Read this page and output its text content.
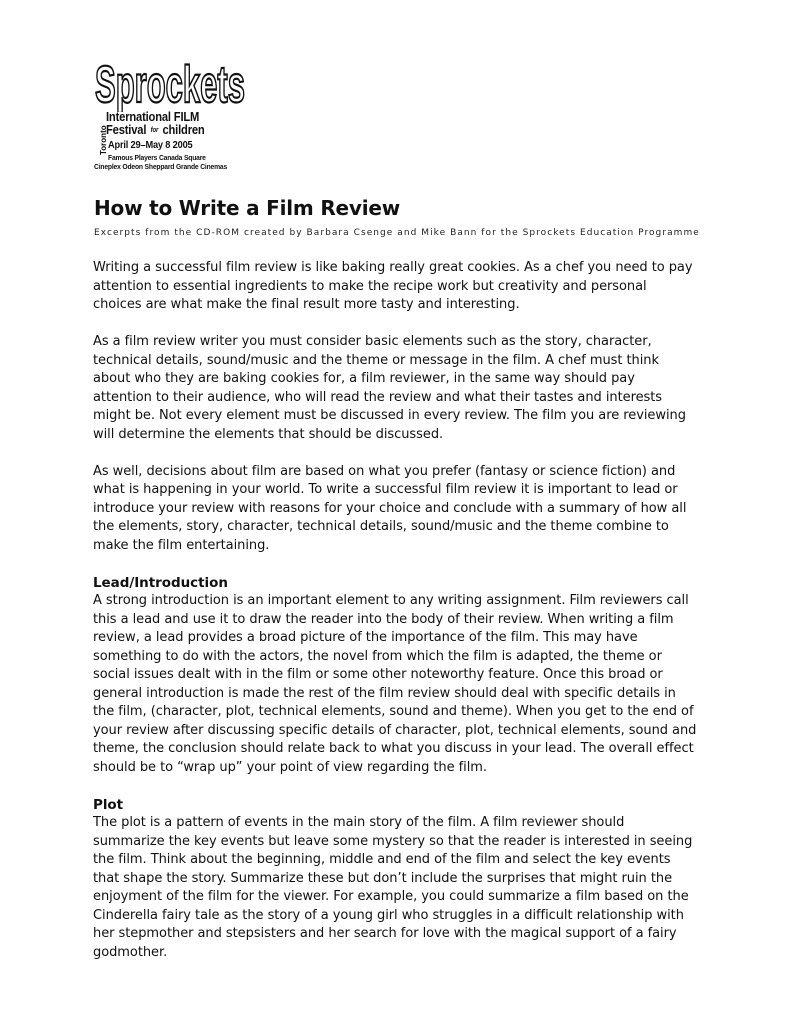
Sprockets
Toronto
International FILM
Festival for children
April 29–May 8 2005
Famous Players Canada Square
Cineplex Odeon Sheppard Grande Cinemas
How to Write a Film Review
Excerpts from the CD-ROM created by Barbara Csenge and Mike Bann for the Sprockets Education Programme

Writing a successful film review is like baking really great cookies. As a chef you need to pay attention to essential ingredients to make the recipe work but creativity and personal choices are what make the final result more tasty and interesting.

As a film review writer you must consider basic elements such as the story, character, technical details, sound/music and the theme or message in the film. A chef must think about who they are baking cookies for, a film reviewer, in the same way should pay attention to their audience, who will read the review and what their tastes and interests might be. Not every element must be discussed in every review. The film you are reviewing will determine the elements that should be discussed.

As well, decisions about film are based on what you prefer (fantasy or science fiction) and what is happening in your world. To write a successful film review it is important to lead or introduce your review with reasons for your choice and conclude with a summary of how all the elements, story, character, technical details, sound/music and the theme combine to make the film entertaining.

Lead/Introduction

A strong introduction is an important element to any writing assignment. Film reviewers call this a lead and use it to draw the reader into the body of their review. When writing a film review, a lead provides a broad picture of the importance of the film. This may have something to do with the actors, the novel from which the film is adapted, the theme or social issues dealt with in the film or some other noteworthy feature. Once this broad or general introduction is made the rest of the film review should deal with specific details in the film, (character, plot, technical elements, sound and theme). When you get to the end of your review after discussing specific details of character, plot, technical elements, sound and theme, the conclusion should relate back to what you discuss in your lead. The overall effect should be to “wrap up” your point of view regarding the film.

Plot

The plot is a pattern of events in the main story of the film. A film reviewer should summarize the key events but leave some mystery so that the reader is interested in seeing the film. Think about the beginning, middle and end of the film and select the key events that shape the story. Summarize these but don’t include the surprises that might ruin the enjoyment of the film for the viewer. For example, you could summarize a film based on the Cinderella fairy tale as the story of a young girl who struggles in a difficult relationship with her stepmother and stepsisters and her search for love with the magical support of a fairy godmother.
